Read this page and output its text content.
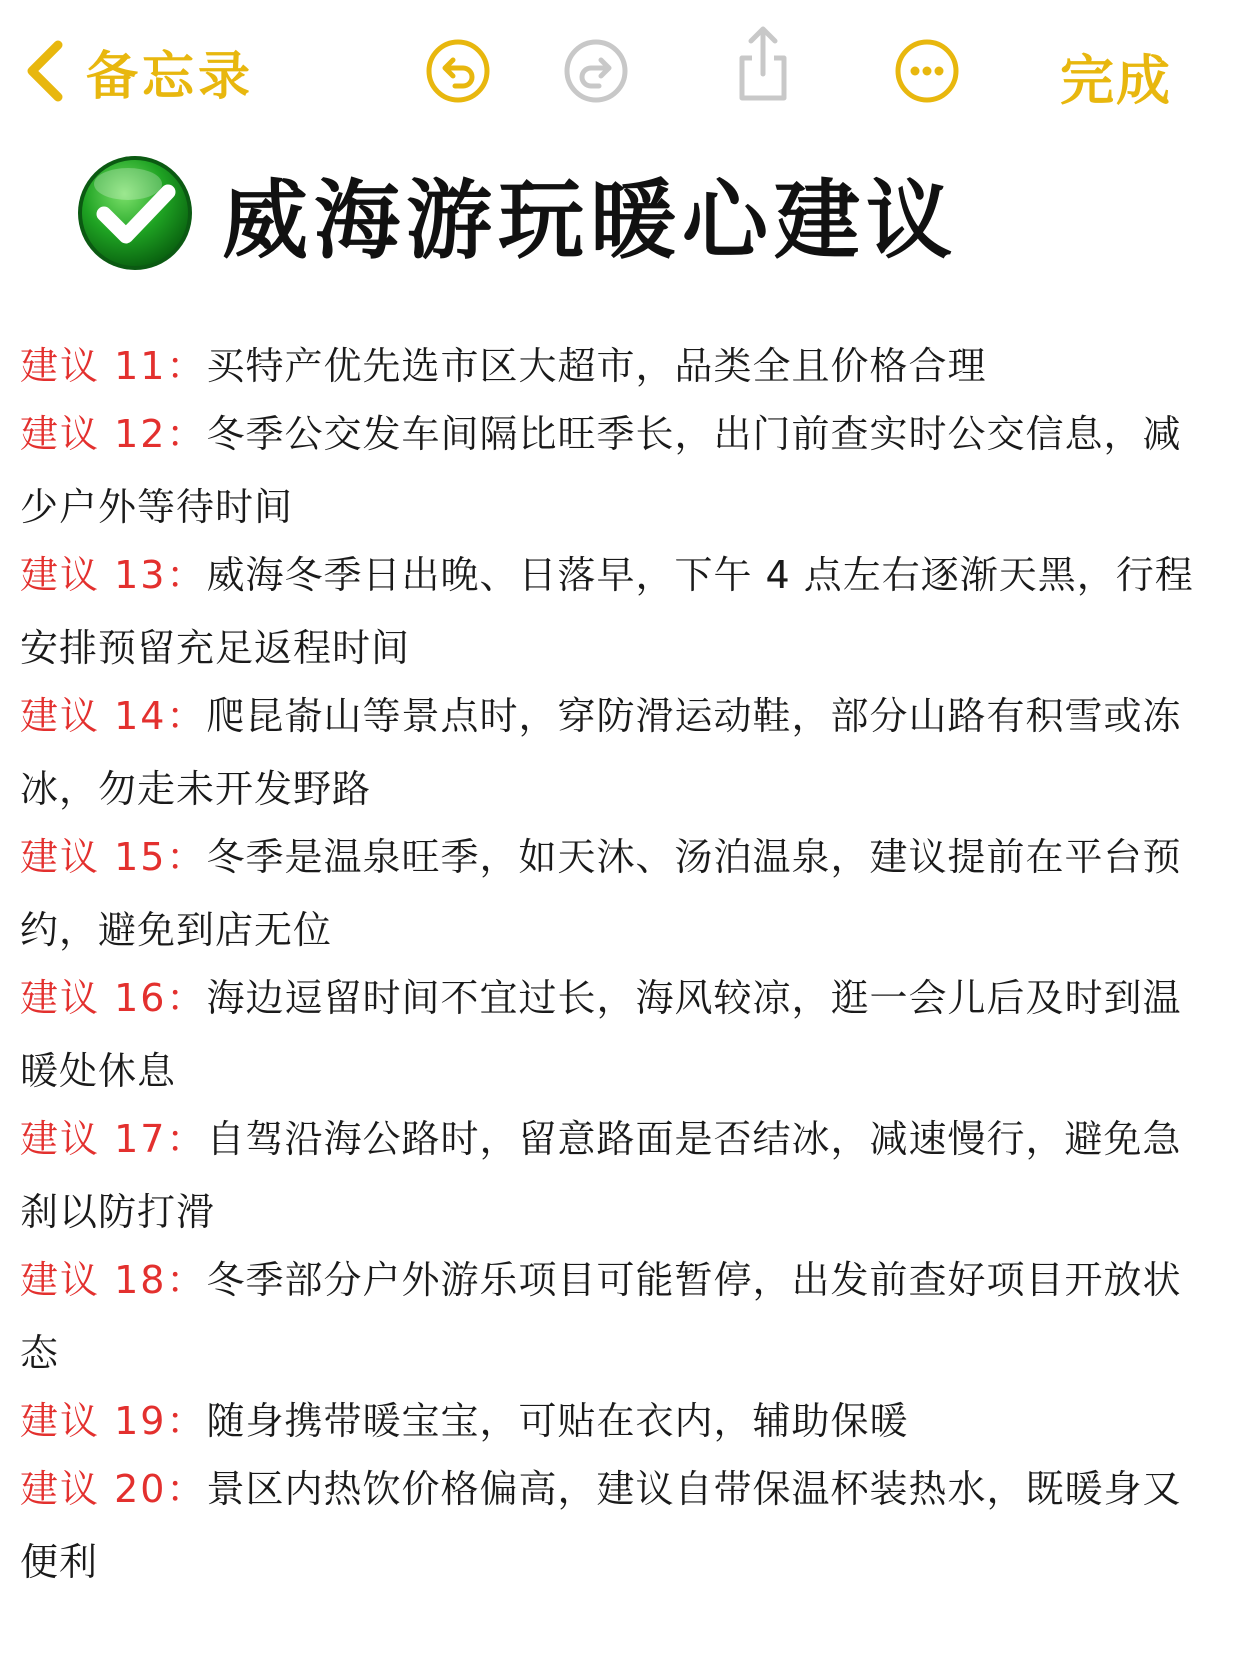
备忘录	完成
威海游玩暖心建议

建议 11：买特产优先选市区大超市，品类全且价格合理

建议 12：冬季公交发车间隔比旺季长，出门前查实时公交信息，减少户外等待时间

建议 13：威海冬季日出晚、日落早，下午 4 点左右逐渐天黑，行程安排预留充足返程时间

建议 14：爬昆嵛山等景点时，穿防滑运动鞋，部分山路有积雪或冻冰，勿走未开发野路

建议 15：冬季是温泉旺季，如天沐、汤泊温泉，建议提前在平台预约，避免到店无位

建议 16：海边逗留时间不宜过长，海风较凉，逛一会儿后及时到温暖处休息

建议 17：自驾沿海公路时，留意路面是否结冰，减速慢行，避免急刹以防打滑

建议 18：冬季部分户外游乐项目可能暂停，出发前查好项目开放状态

建议 19：随身携带暖宝宝，可贴在衣内，辅助保暖

建议 20：景区内热饮价格偏高，建议自带保温杯装热水，既暖身又便利
